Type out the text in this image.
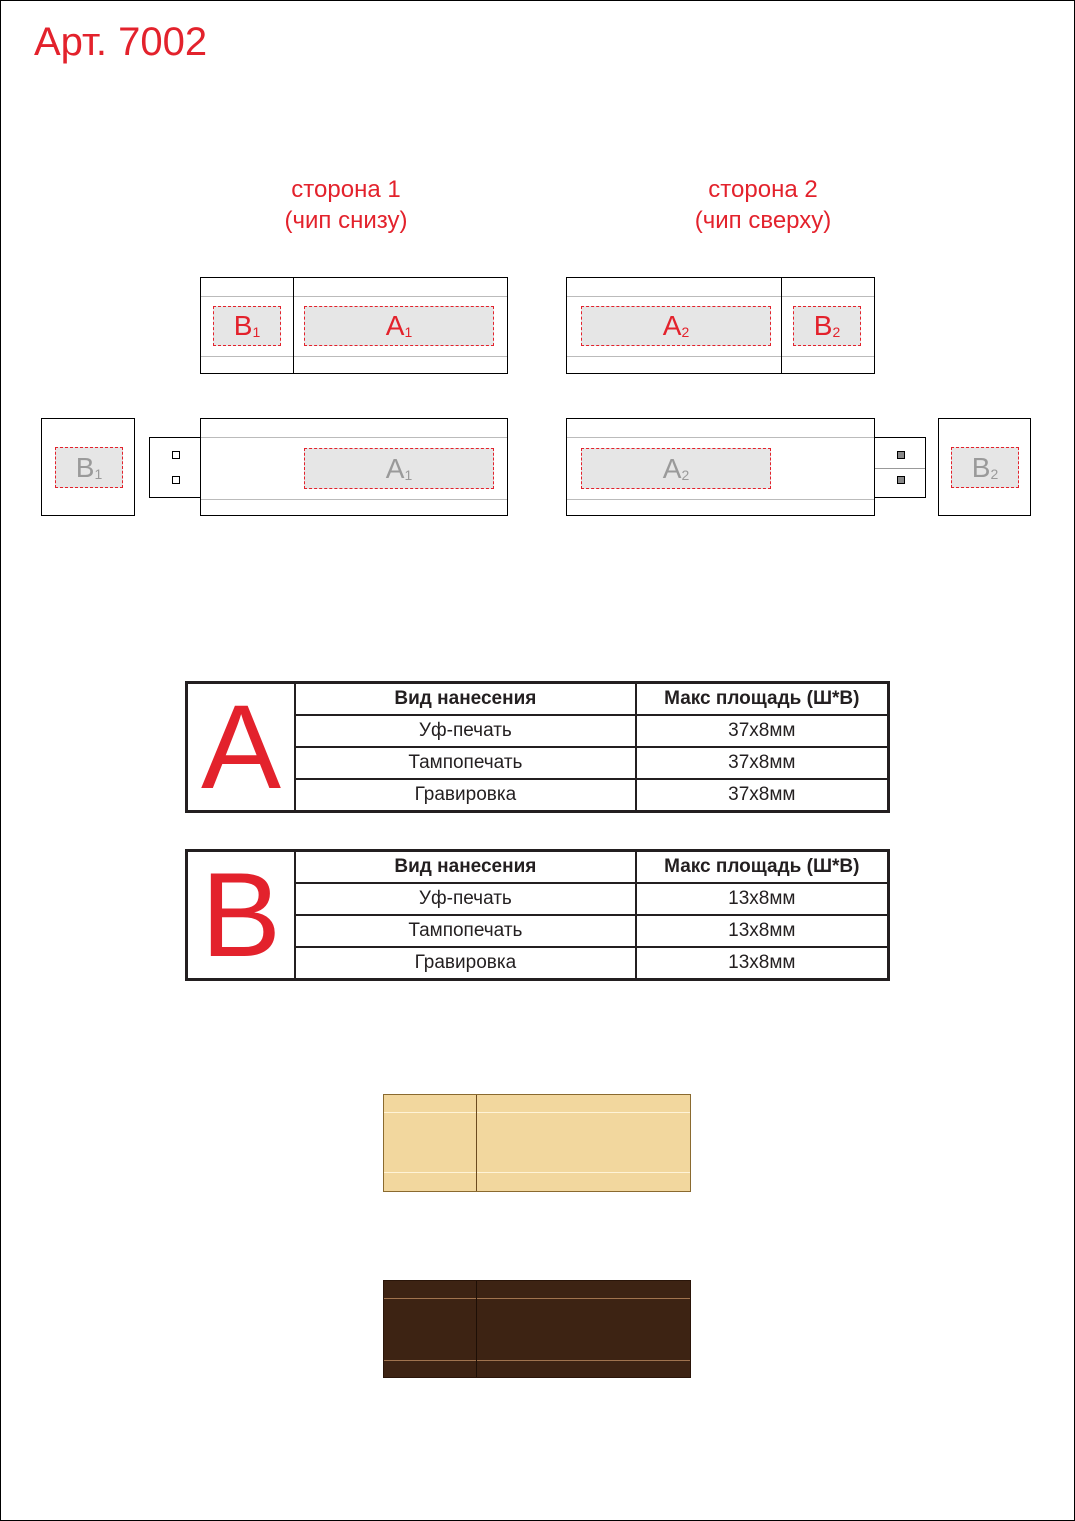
Арт. 7002
сторона 1
(чип снизу)
сторона 2
(чип сверху)
B 1	A 1	A 2	B 2
B 1	A 1	A 2	B 2
A	Вид нанесения	Макс площадь (Ш*В)
	Уф-печать	37x8мм
	Тампопечать	37x8мм
	Гравировка	37x8мм
B	Вид нанесения	Макс площадь (Ш*В)
	Уф-печать	13x8мм
	Тампопечать	13x8мм
	Гравировка	13x8мм
